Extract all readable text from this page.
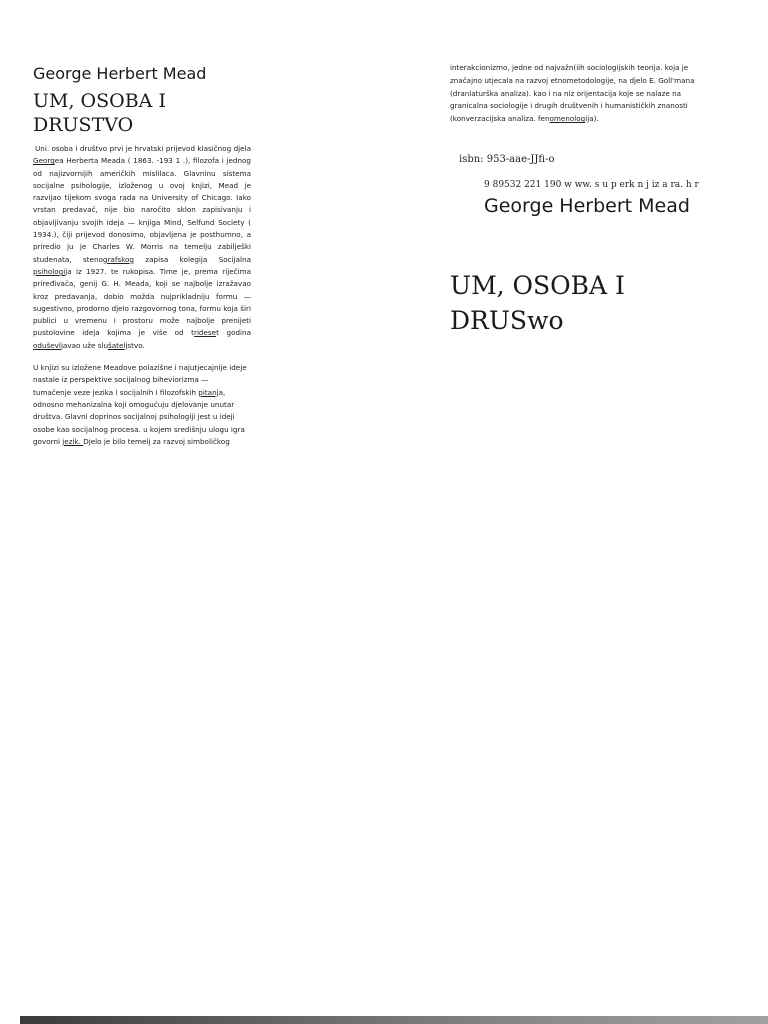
George Herbert Mead
UM, OSOBA I
DRUSTVO

Uni. osoba i društvo prvi je hrvatski prijevod klasičnog djela Georgea Herberta Meada ( 1863. -193 1 .), filozofa i jednog od najizvornijih američkih mislilaca. Glavninu sistema socijalne psihologije, izloženog u ovoj knjizi, Mead je razvijao tijekom svoga rada na University of Chicago. Iako vrstan predavač, nije bio naročito sklon zapisivanju i objavljivanju svojih ideja — knjiga Mind, Selfund Society ( 1934.), čiji prijevod donosimo, objavljena je posthumno, a priredio ju je Charles W. Morris na temelju zabilješki studenata, stenografskog zapisa kolegija Socijalna psihologija iz 1927. te rukopisa. Time je, prema riječima priređivača, genij G. H. Meada, koji se najbolje izražavao kroz predavanja, dobio možda nujprikladniju formu — sugestivno, prodorno djelo razgovornog tona, formu koja širi publici u vremenu i prostoru može najbolje prenijeti pustolovine ideja kojima je više od trideset godina oduševljavao uže slušateljstvo.

U knjizi su izložene Meadove polazišne i najutjecajnije ideje nastale iz perspektive socijalnog biheviorizma — tumačenje veze jezika i socijalnih i filozofskih pitanja, odnosno mehanizalna koji omogućuju djelovanje unutar društva. Glavni doprinos socijalnoj psihologiji jest u ideji osobe kao socijalnog procesa. u kojem središnju ulogu igra govorni jezik. Djelo je bilo temelj za razvoj simboličkog

interakcionizmo, jedne od najvažn(iih sociologijskih teorija. koja je značajno utjecala na razvoj etnometodologije, na djelo E. Goll'mana (dranlaturška analiza). kao i na niz orijentacija koje se nalaze na granicalna sociologije i drugih društvenih i humanističkih znanosti (konverzacijska analiza. fenomenologija).

isbn: 953-aae-JJfi-o
9 89532 221 190 w ww. s u p erk n j iz a ra. h r
George Herbert Mead
UM, OSOBA I
DRUSwo
